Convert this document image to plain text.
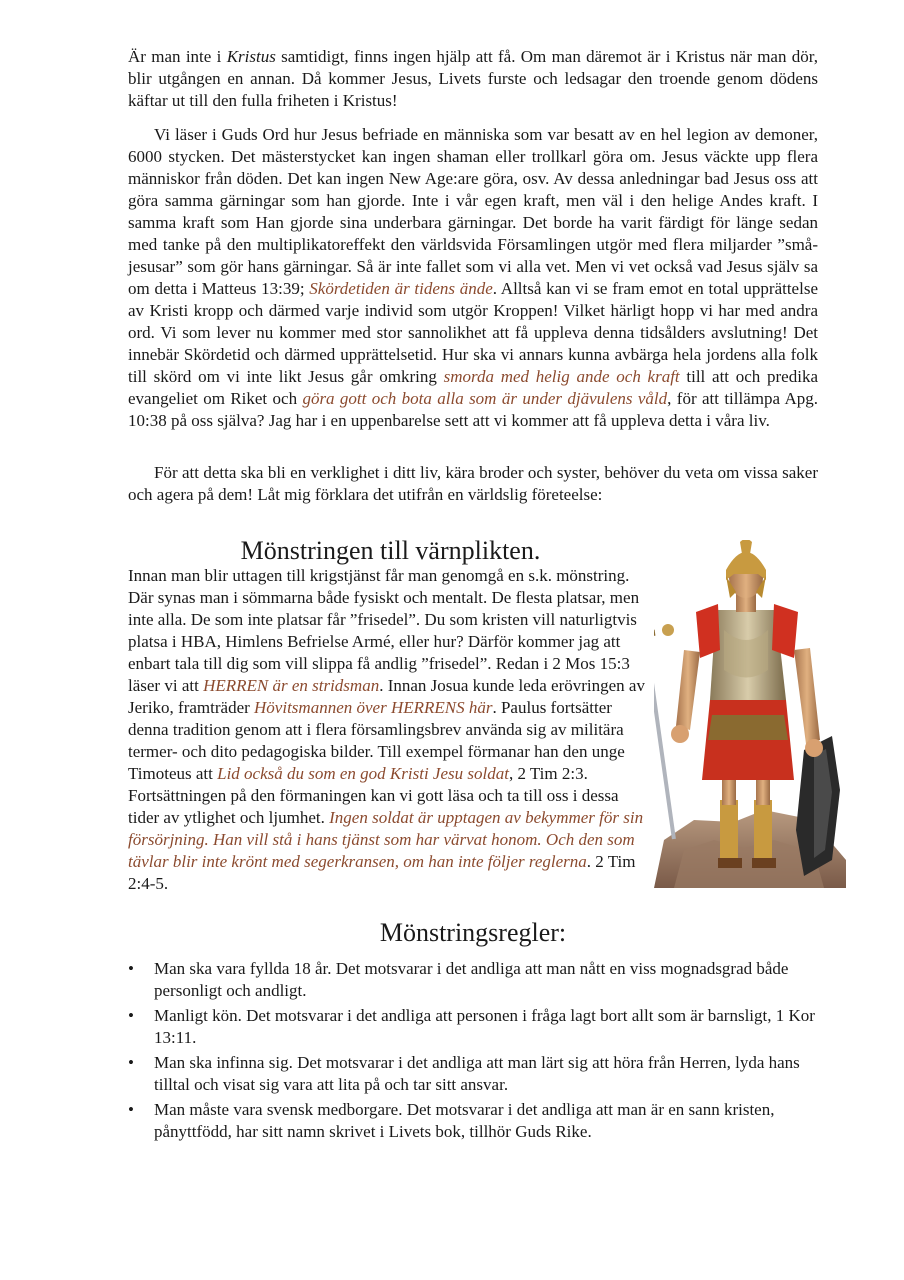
Är man inte i Kristus samtidigt, finns ingen hjälp att få. Om man däremot är i Kristus när man dör, blir utgången en annan. Då kommer Jesus, Livets furste och ledsagar den troende genom dödens käftar ut till den fulla friheten i Kristus!

Vi läser i Guds Ord hur Jesus befriade en människa som var besatt av en hel legion av demoner, 6000 stycken. Det mästerstycket kan ingen shaman eller trollkarl göra om. Jesus väckte upp flera människor från döden. Det kan ingen New Age:are göra, osv. Av dessa anledningar bad Jesus oss att göra samma gärningar som han gjorde. Inte i vår egen kraft, men väl i den helige Andes kraft. I samma kraft som Han gjorde sina underbara gärningar. Det borde ha varit färdigt för länge sedan med tanke på den multiplikatoreffekt den världsvida Församlingen utgör med flera miljarder ”små-jesusar” som gör hans gärningar. Så är inte fallet som vi alla vet. Men vi vet också vad Jesus själv sa om detta i Matteus 13:39; Skördetiden är tidens ände. Alltså kan vi se fram emot en total upprättelse av Kristi kropp och därmed varje individ som utgör Kroppen! Vilket härligt hopp vi har med andra ord. Vi som lever nu kommer med stor sannolikhet att få uppleva denna tidsålders avslutning! Det innebär Skördetid och därmed upprättelsetid. Hur ska vi annars kunna avbärga hela jordens alla folk till skörd om vi inte likt Jesus går omkring smorda med helig ande och kraft till att och predika evangeliet om Riket och göra gott och bota alla som är under djävulens våld, för att tillämpa Apg. 10:38 på oss själva? Jag har i en uppenbarelse sett att vi kommer att få uppleva detta i våra liv.

För att detta ska bli en verklighet i ditt liv, kära broder och syster, behöver du veta om vissa saker och agera på dem! Låt mig förklara det utifrån en världslig företeelse:

Mönstringen till värnplikten.

Innan man blir uttagen till krigstjänst får man genomgå en s.k. mönstring. Där synas man i sömmarna både fysiskt och mentalt. De flesta platsar, men inte alla. De som inte platsar får ”frisedel”. Du som kristen vill naturligtvis platsa i HBA, Himlens Befrielse Armé, eller hur? Därför kommer jag att enbart tala till dig som vill slippa få andlig ”frisedel”. Redan i 2 Mos 15:3 läser vi att HERREN är en stridsman. Innan Josua kunde leda erövringen av Jeriko, framträder Hövitsmannen över HERRENS här. Paulus fortsätter denna tradition genom att i flera församlingsbrev använda sig av militära termer- och dito pedagogiska bilder. Till exempel förmanar han den unge Timoteus att Lid också du som en god Kristi Jesu soldat, 2 Tim 2:3. Fortsättningen på den förmaningen kan vi gott läsa och ta till oss i dessa tider av ytlighet och ljumhet. Ingen soldat är upptagen av bekymmer för sin försörjning. Han vill stå i hans tjänst som har värvat honom. Och den som tävlar blir inte krönt med segerkransen, om han inte följer reglerna. 2 Tim 2:4-5.

Mönstringsregler:
• Man ska vara fyllda 18 år. Det motsvarar i det andliga att man nått en viss mognadsgrad både personligt och andligt.
• Manligt kön. Det motsvarar i det andliga att personen i fråga lagt bort allt som är barnsligt, 1 Kor 13:11.
• Man ska infinna sig. Det motsvarar i det andliga att man lärt sig att höra från Herren, lyda hans tilltal och visat sig vara att lita på och tar sitt ansvar.
• Man måste vara svensk medborgare. Det motsvarar i det andliga att man är en sann kristen, pånyttfödd, har sitt namn skrivet i Livets bok, tillhör Guds Rike.
